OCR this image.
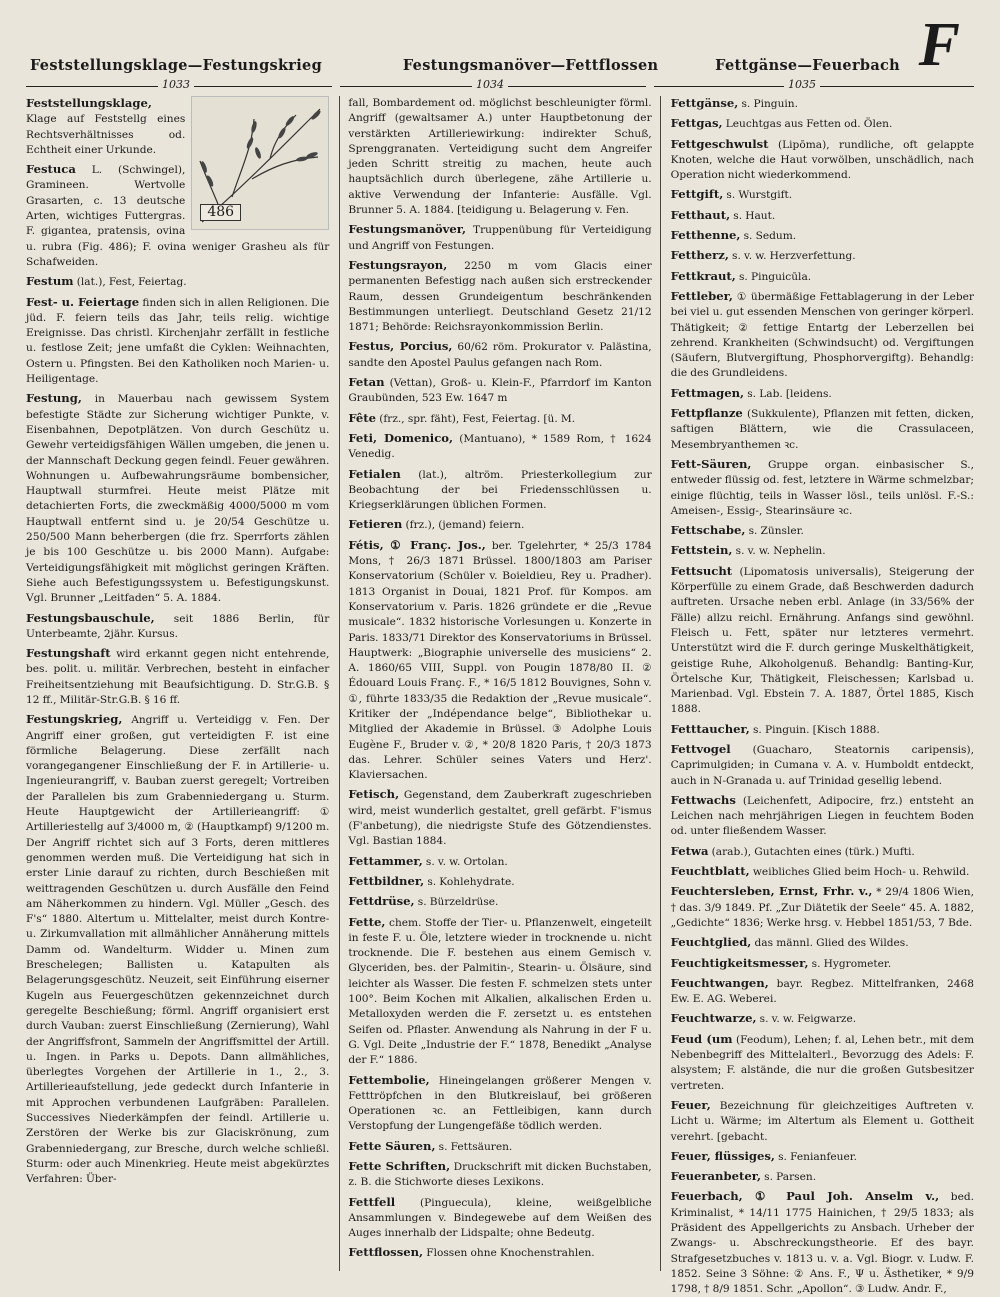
F
Feststellungsklage—Festungskrieg	Festungsmanöver—Fettflossen	Fettgänse—Feuerbach
1033	1034	1035
486

Feststellungsklage, Klage auf Feststellg eines Rechtsverhältnisses od. Echtheit einer Urkunde.

Festuca L. (Schwingel), Gramineen. Wertvolle Grasarten, c. 13 deutsche Arten, wichtiges Futtergras. F. gigantea, pratensis, ovina u. rubra (Fig. 486); F. ovina weniger Grasheu als für Schafweiden.

Festum (lat.), Fest, Feiertag.

Fest- u. Feiertage finden sich in allen Religionen. Die jüd. F. feiern teils das Jahr, teils relig. wichtige Ereignisse. Das christl. Kirchenjahr zerfällt in festliche u. festlose Zeit; jene umfaßt die Cyklen: Weihnachten, Ostern u. Pfingsten. Bei den Katholiken noch Marien- u. Heiligentage.

Festung, in Mauerbau nach gewissem System befestigte Städte zur Sicherung wichtiger Punkte, v. Eisenbahnen, Depotplätzen. Von durch Geschütz u. Gewehr verteidigsfähigen Wällen umgeben, die jenen u. der Mannschaft Deckung gegen feindl. Feuer gewähren. Wohnungen u. Aufbewahrungsräume bombensicher, Hauptwall sturmfrei. Heute meist Plätze mit detachierten Forts, die zweckmäßig 4000/5000 m vom Hauptwall entfernt sind u. je 20/54 Geschütze u. 250/500 Mann beherbergen (die frz. Sperrforts zählen je bis 100 Geschütze u. bis 2000 Mann). Aufgabe: Verteidigungsfähigkeit mit möglichst geringen Kräften. Siehe auch Befestigungssystem u. Befestigungskunst. Vgl. Brunner „Leitfaden“ 5. A. 1884.

Festungsbauschule, seit 1886 Berlin, für Unterbeamte, 2jähr. Kursus.

Festungshaft wird erkannt gegen nicht entehrende, bes. polit. u. militär. Verbrechen, besteht in einfacher Freiheitsentziehung mit Beaufsichtigung. D. Str.G.B. § 12 ff., Militär-Str.G.B. § 16 ff.

Festungskrieg, Angriff u. Verteidigg v. Fen. Der Angriff einer großen, gut verteidigten F. ist eine förmliche Belagerung. Diese zerfällt nach vorangegangener Einschließung der F. in Artillerie- u. Ingenieurangriff, v. Bauban zuerst geregelt; Vortreiben der Parallelen bis zum Grabenniedergang u. Sturm. Heute Hauptgewicht der Artillerieangriff: ① Artilleriestellg auf 3/4000 m, ② (Hauptkampf) 9/1200 m. Der Angriff richtet sich auf 3 Forts, deren mittleres genommen werden muß. Die Verteidigung hat sich in erster Linie darauf zu richten, durch Beschießen mit weittragenden Geschützen u. durch Ausfälle den Feind am Näherkommen zu hindern. Vgl. Müller „Gesch. des F's“ 1880. Altertum u. Mittelalter, meist durch Kontre- u. Zirkumvallation mit allmählicher Annäherung mittels Damm od. Wandelturm. Widder u. Minen zum Breschelegen; Ballisten u. Katapulten als Belagerungsgeschütz. Neuzeit, seit Einführung eiserner Kugeln aus Feuergeschützen gekennzeichnet durch geregelte Beschießung; förml. Angriff organisiert erst durch Vauban: zuerst Einschließung (Zernierung), Wahl der Angriffsfront, Sammeln der Angriffsmittel der Artill. u. Ingen. in Parks u. Depots. Dann allmähliches, überlegtes Vorgehen der Artillerie in 1., 2., 3. Artillerieaufstellung, jede gedeckt durch Infanterie in mit Approchen verbundenen Laufgräben: Parallelen. Successives Niederkämpfen der feindl. Artillerie u. Zerstören der Werke bis zur Glaciskrönung, zum Grabenniedergang, zur Bresche, durch welche schließl. Sturm: oder auch Minenkrieg. Heute meist abgekürztes Verfahren: Über-

fall, Bombardement od. möglichst beschleunigter förml. Angriff (gewaltsamer A.) unter Hauptbetonung der verstärkten Artilleriewirkung: indirekter Schuß, Sprenggranaten. Verteidigung sucht dem Angreifer jeden Schritt streitig zu machen, heute auch hauptsächlich durch überlegene, zähe Artillerie u. aktive Verwendung der Infanterie: Ausfälle. Vgl. Brunner 5. A. 1884. [teidigung u. Belagerung v. Fen.

Festungsmanöver, Truppenübung für Verteidigung und Angriff von Festungen.

Festungsrayon, 2250 m vom Glacis einer permanenten Befestigg nach außen sich erstreckender Raum, dessen Grundeigentum beschränkenden Bestimmungen unterliegt. Deutschland Gesetz 21/12 1871; Behörde: Reichsrayonkommission Berlin.

Festus, Porcius, 60/62 röm. Prokurator v. Palästina, sandte den Apostel Paulus gefangen nach Rom.

Fetan (Vettan), Groß- u. Klein-F., Pfarrdorf im Kanton Graubünden, 523 Ew. 1647 m

Fête (frz., spr. fäht), Fest, Feiertag. [ü. M.

Feti, Domenico, (Mantuano), * 1589 Rom, † 1624 Venedig.

Fetialen (lat.), altröm. Priesterkollegium zur Beobachtung der bei Friedensschlüssen u. Kriegserklärungen üblichen Formen.

Fetieren (frz.), (jemand) feiern.

Fétis, ① Franç. Jos., ber. Tgelehrter, * 25/3 1784 Mons, † 26/3 1871 Brüssel. 1800/1803 am Pariser Konservatorium (Schüler v. Boieldieu, Rey u. Pradher). 1813 Organist in Douai, 1821 Prof. für Kompos. am Konservatorium v. Paris. 1826 gründete er die „Revue musicale“. 1832 historische Vorlesungen u. Konzerte in Paris. 1833/71 Direktor des Konservatoriums in Brüssel. Hauptwerk: „Biographie universelle des musiciens“ 2. A. 1860/65 VIII, Suppl. von Pougin 1878/80 II. ② Édouard Louis Franç. F., * 16/5 1812 Bouvignes, Sohn v. ①, führte 1833/35 die Redaktion der „Revue musicale“. Kritiker der „Indépendance belge“, Bibliothekar u. Mitglied der Akademie in Brüssel. ③ Adolphe Louis Eugène F., Bruder v. ②, * 20/8 1820 Paris, † 20/3 1873 das. Lehrer. Schüler seines Vaters und Herz'. Klaviersachen.

Fetisch, Gegenstand, dem Zauberkraft zugeschrieben wird, meist wunderlich gestaltet, grell gefärbt. F'ismus (F'anbetung), die niedrigste Stufe des Götzendienstes. Vgl. Bastian 1884.

Fettammer, s. v. w. Ortolan.

Fettbildner, s. Kohlehydrate.

Fettdrüse, s. Bürzeldrüse.

Fette, chem. Stoffe der Tier- u. Pflanzenwelt, eingeteilt in feste F. u. Öle, letztere wieder in trocknende u. nicht trocknende. Die F. bestehen aus einem Gemisch v. Glyceriden, bes. der Palmitin-, Stearin- u. Ölsäure, sind leichter als Wasser. Die festen F. schmelzen stets unter 100°. Beim Kochen mit Alkalien, alkalischen Erden u. Metalloxyden werden die F. zersetzt u. es entstehen Seifen od. Pflaster. Anwendung als Nahrung in der F u. G. Vgl. Deite „Industrie der F.“ 1878, Benedikt „Analyse der F.“ 1886.

Fettembolie, Hineingelangen größerer Mengen v. Fetttröpfchen in den Blutkreislauf, bei größeren Operationen ꝛc. an Fettleibigen, kann durch Verstopfung der Lungengefäße tödlich werden.

Fette Säuren, s. Fettsäuren.

Fette Schriften, Druckschrift mit dicken Buchstaben, z. B. die Stichworte dieses Lexikons.

Fettfell (Pinguecula), kleine, weißgelbliche Ansammlungen v. Bindegewebe auf dem Weißen des Auges innerhalb der Lidspalte; ohne Bedeutg.

Fettflossen, Flossen ohne Knochenstrahlen.

Fettgänse, s. Pinguin.

Fettgas, Leuchtgas aus Fetten od. Ölen.

Fettgeschwulst (Lipōma), rundliche, oft gelappte Knoten, welche die Haut vorwölben, unschädlich, nach Operation nicht wiederkommend.

Fettgift, s. Wurstgift.

Fetthaut, s. Haut.

Fetthenne, s. Sedum.

Fettherz, s. v. w. Herzverfettung.

Fettkraut, s. Pinguicūla.

Fettleber, ① übermäßige Fettablagerung in der Leber bei viel u. gut essenden Menschen von geringer körperl. Thätigkeit; ② fettige Entartg der Leberzellen bei zehrend. Krankheiten (Schwindsucht) od. Vergiftungen (Säufern, Blutvergiftung, Phosphorvergiftg). Behandlg: die des Grundleidens.

Fettmagen, s. Lab. [leidens.

Fettpflanze (Sukkulente), Pflanzen mit fetten, dicken, saftigen Blättern, wie die Crassulaceen, Mesembryanthemen ꝛc.

Fett-Säuren, Gruppe organ. einbasischer S., entweder flüssig od. fest, letztere in Wärme schmelzbar; einige flüchtig, teils in Wasser lösl., teils unlösl. F.-S.: Ameisen-, Essig-, Stearinsäure ꝛc.

Fettschabe, s. Zünsler.

Fettstein, s. v. w. Nephelin.

Fettsucht (Lipomatosis universalis), Steigerung der Körperfülle zu einem Grade, daß Beschwerden dadurch auftreten. Ursache neben erbl. Anlage (in 33/56% der Fälle) allzu reichl. Ernährung. Anfangs sind gewöhnl. Fleisch u. Fett, später nur letzteres vermehrt. Unterstützt wird die F. durch geringe Muskelthätigkeit, geistige Ruhe, Alkoholgenuß. Behandlg: Banting-Kur, Örtelsche Kur, Thätigkeit, Fleischessen; Karlsbad u. Marienbad. Vgl. Ebstein 7. A. 1887, Örtel 1885, Kisch 1888.

Fetttaucher, s. Pinguin. [Kisch 1888.

Fettvogel (Guacharo, Steatornis caripensis), Caprimulgiden; in Cumana v. A. v. Humboldt entdeckt, auch in N-Granada u. auf Trinidad gesellig lebend.

Fettwachs (Leichenfett, Adipocire, frz.) entsteht an Leichen nach mehrjährigen Liegen in feuchtem Boden od. unter fließendem Wasser.

Fetwa (arab.), Gutachten eines (türk.) Mufti.

Feuchtblatt, weibliches Glied beim Hoch- u. Rehwild.

Feuchtersleben, Ernst, Frhr. v., * 29/4 1806 Wien, † das. 3/9 1849. Pf. „Zur Diätetik der Seele“ 45. A. 1882, „Gedichte“ 1836; Werke hrsg. v. Hebbel 1851/53, 7 Bde.

Feuchtglied, das männl. Glied des Wildes.

Feuchtigkeitsmesser, s. Hygrometer.

Feuchtwangen, bayr. Regbez. Mittelfranken, 2468 Ew. E. AG. Weberei.

Feuchtwarze, s. v. w. Feigwarze.

Feud (um (Feodum), Lehen; f. al, Lehen betr., mit dem Nebenbegriff des Mittelalterl., Bevorzugg des Adels: F. alsystem; F. alstände, die nur die großen Gutsbesitzer vertreten.

Feuer, Bezeichnung für gleichzeitiges Auftreten v. Licht u. Wärme; im Altertum als Element u. Gottheit verehrt. [gebacht.

Feuer, flüssiges, s. Fenianfeuer.

Feueranbeter, s. Parsen.

Feuerbach, ① Paul Joh. Anselm v., bed. Kriminalist, * 14/11 1775 Hainichen, † 29/5 1833; als Präsident des Appellgerichts zu Ansbach. Urheber der Zwangs- u. Abschreckungstheorie. Ef des bayr. Strafgesetzbuches v. 1813 u. v. a. Vgl. Biogr. v. Ludw. F. 1852. Seine 3 Söhne: ② Ans. F., Ψ u. Ästhetiker, * 9/9 1798, † 8/9 1851. Schr. „Apollon“. ③ Ludw. Andr. F.,
